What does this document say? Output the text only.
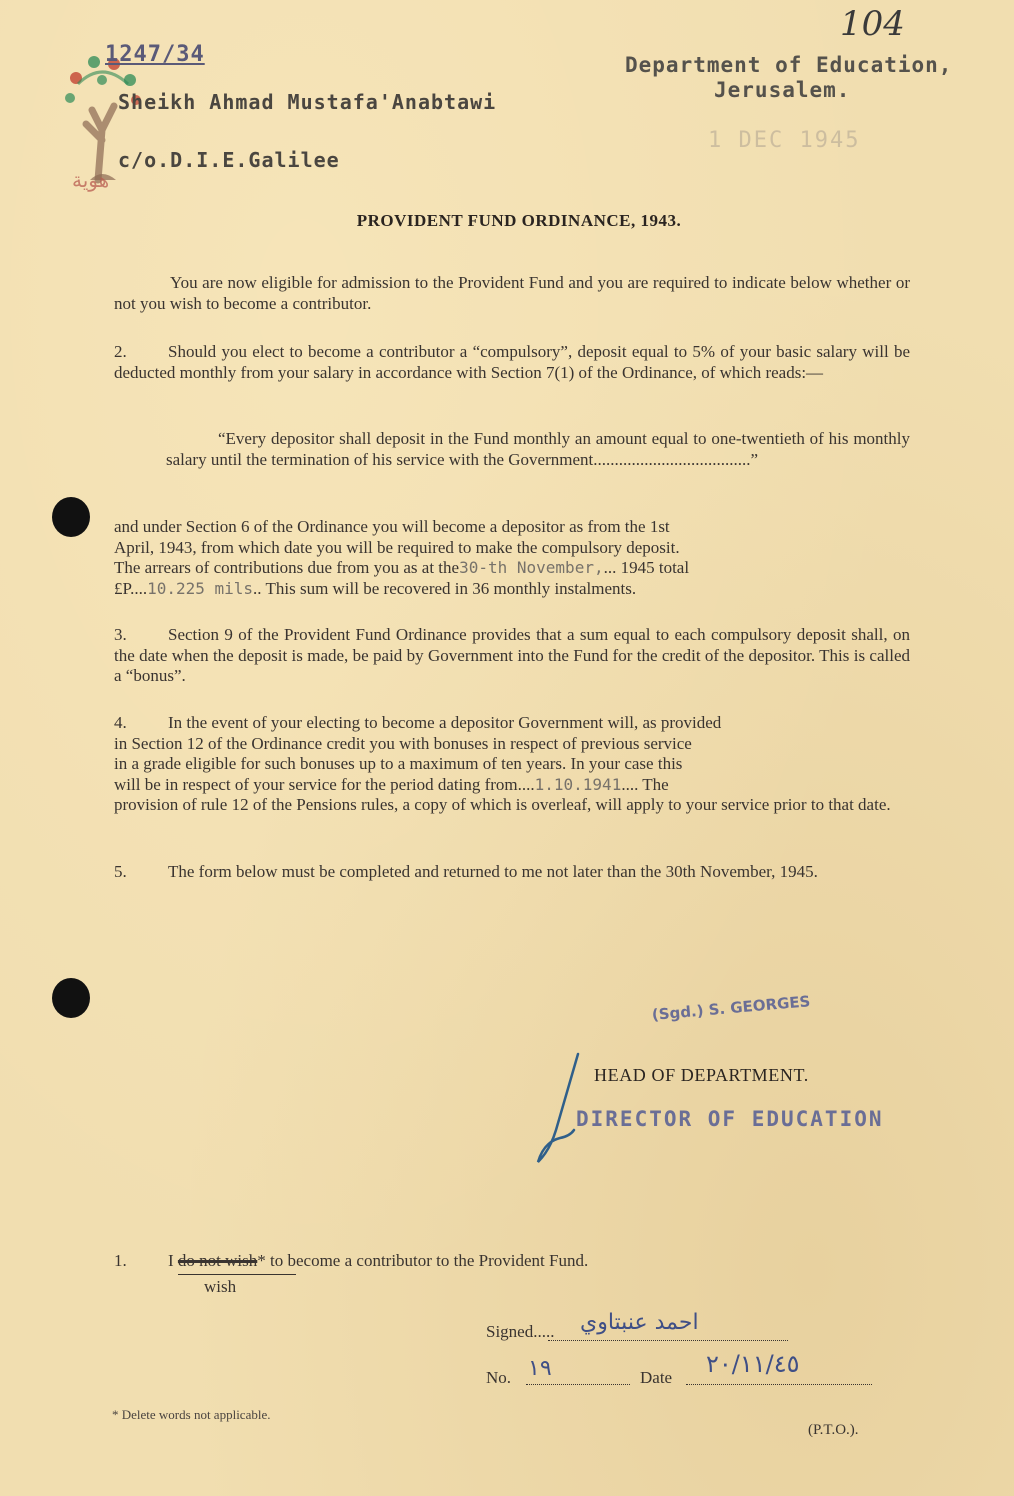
104
هوية
1247/34	Department of Education,
Jerusalem.
1 DEC 1945
Sheikh Ahmad Mustafa'Anabtawi
c/o.D.I.E.Galilee
PROVIDENT FUND ORDINANCE, 1943.
You are now eligible for admission to the Provident Fund and you are required to indicate below whether or not you wish to become a contributor.
2. Should you elect to become a contributor a “compulsory”, deposit equal to 5% of your basic salary will be deducted monthly from your salary in accordance with Section 7(1) of the Ordinance, of which reads:—
“Every depositor shall deposit in the Fund monthly an amount equal to one-twentieth of his monthly salary until the termination of his service with the Government.....................................”
and under Section 6 of the Ordinance you will become a depositor as from the 1st
April, 1943, from which date you will be required to make the compulsory deposit.
The arrears of contributions due from you as at the30-th November,... 1945 total
£P....10.225 mils.. This sum will be recovered in 36 monthly instalments.
3. Section 9 of the Provident Fund Ordinance provides that a sum equal to each compulsory deposit shall, on the date when the deposit is made, be paid by Government into the Fund for the credit of the depositor. This is called a “bonus”.
4. In the event of your electing to become a depositor Government will, as provided
in Section 12 of the Ordinance credit you with bonuses in respect of previous service
in a grade eligible for such bonuses up to a maximum of ten years. In your case this
will be in respect of your service for the period dating from....1.10.1941.... The
provision of rule 12 of the Pensions rules, a copy of which is overleaf, will apply to your service prior to that date.
5. The form below must be completed and returned to me not later than the 30th November, 1945.
(Sgd.) S. GEORGES
HEAD OF DEPARTMENT.
DIRECTOR OF EDUCATION
1. I do not wish* to become a contributor to the Provident Fund.
wish
Signed..... احمد عنبتاوي
No. ١٩	Date ٢٠/١١/٤٥
* Delete words not applicable.
(P.T.O.).
